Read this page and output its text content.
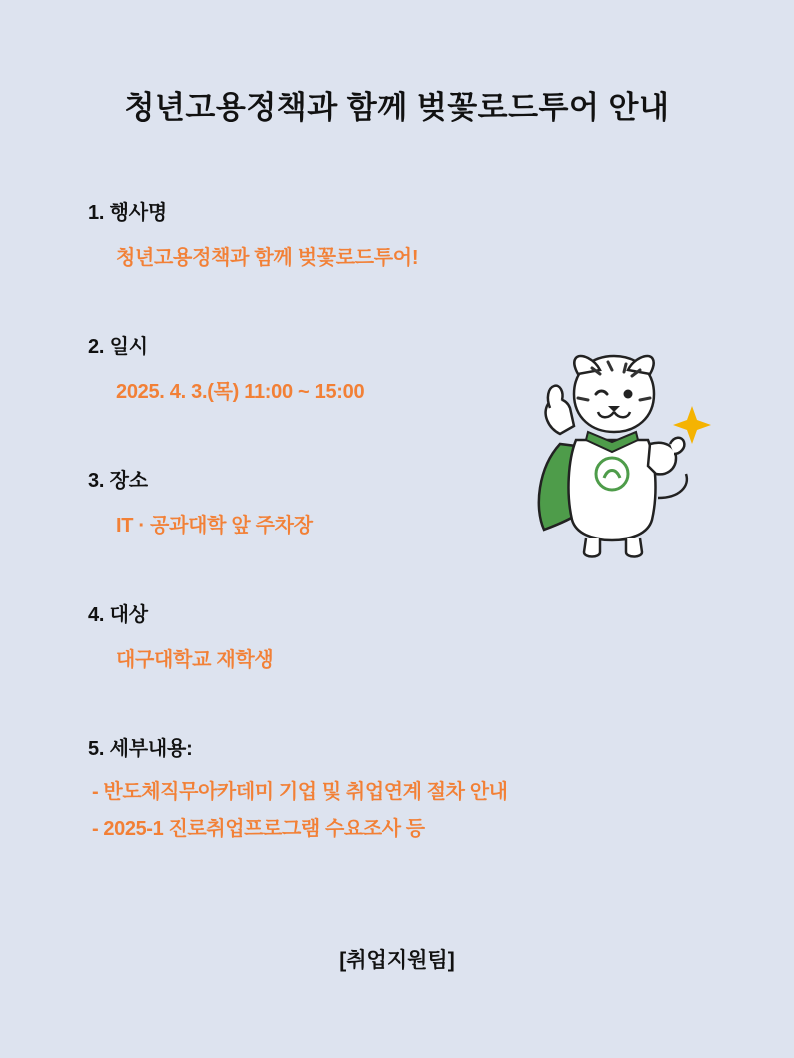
청년고용정책과 함께 벚꽃로드투어 안내
1. 행사명
청년고용정책과 함께 벚꽃로드투어!
2. 일시
2025. 4. 3.(목) 11:00 ~ 15:00
3. 장소
IT · 공과대학 앞 주차장
4. 대상
대구대학교 재학생
5. 세부내용:
- 반도체직무아카데미 기업 및 취업연계 절차 안내
- 2025-1 진로취업프로그램 수요조사 등
[취업지원팀]
